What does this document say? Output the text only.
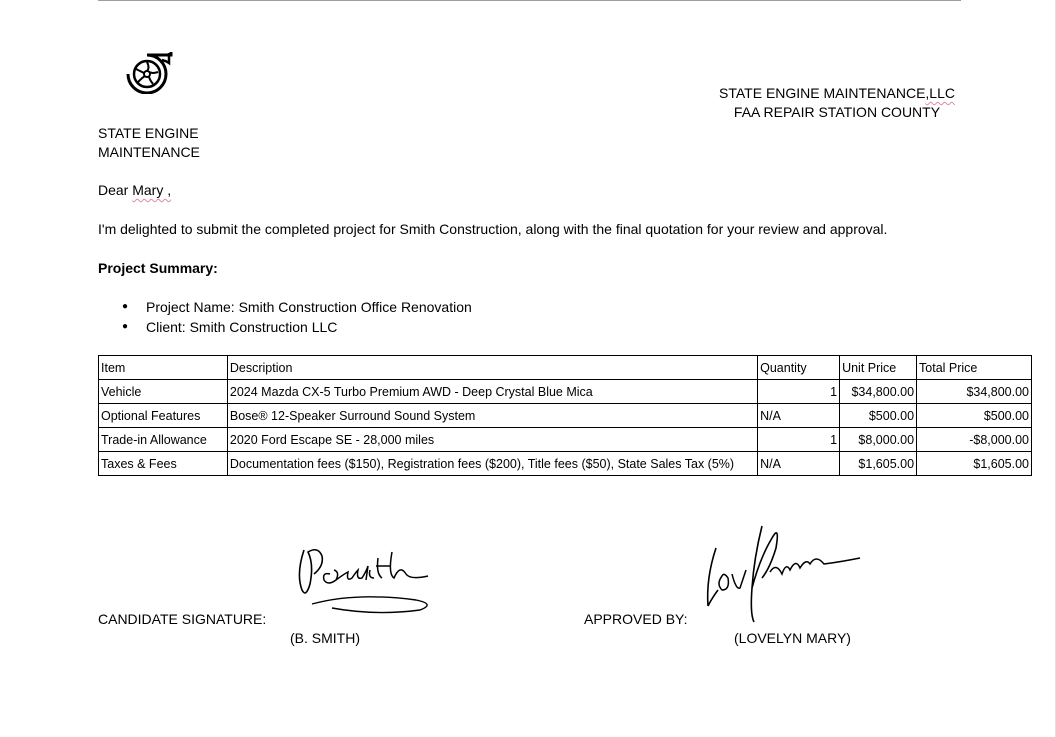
STATE ENGINE
MAINTENANCE
STATE ENGINE MAINTENANCE,LLC
FAA REPAIR STATION COUNTY
Dear Mary ,
I'm delighted to submit the completed project for Smith Construction, along with the final quotation for your review and approval.
Project Summary:
● Project Name: Smith Construction Office Renovation
● Client: Smith Construction LLC
Item	Description	Quantity	Unit Price	Total Price
Vehicle	2024 Mazda CX-5 Turbo Premium AWD - Deep Crystal Blue Mica	1	$34,800.00	$34,800.00
Optional Features	Bose® 12-Speaker Surround Sound System	N/A	$500.00	$500.00
Trade-in Allowance	2020 Ford Escape SE - 28,000 miles	1	$8,000.00	-$8,000.00
Taxes & Fees	Documentation fees ($150), Registration fees ($200), Title fees ($50), State Sales Tax (5%)	N/A	$1,605.00	$1,605.00
CANDIDATE SIGNATURE:
(B. SMITH)
APPROVED BY:
(LOVELYN MARY)
